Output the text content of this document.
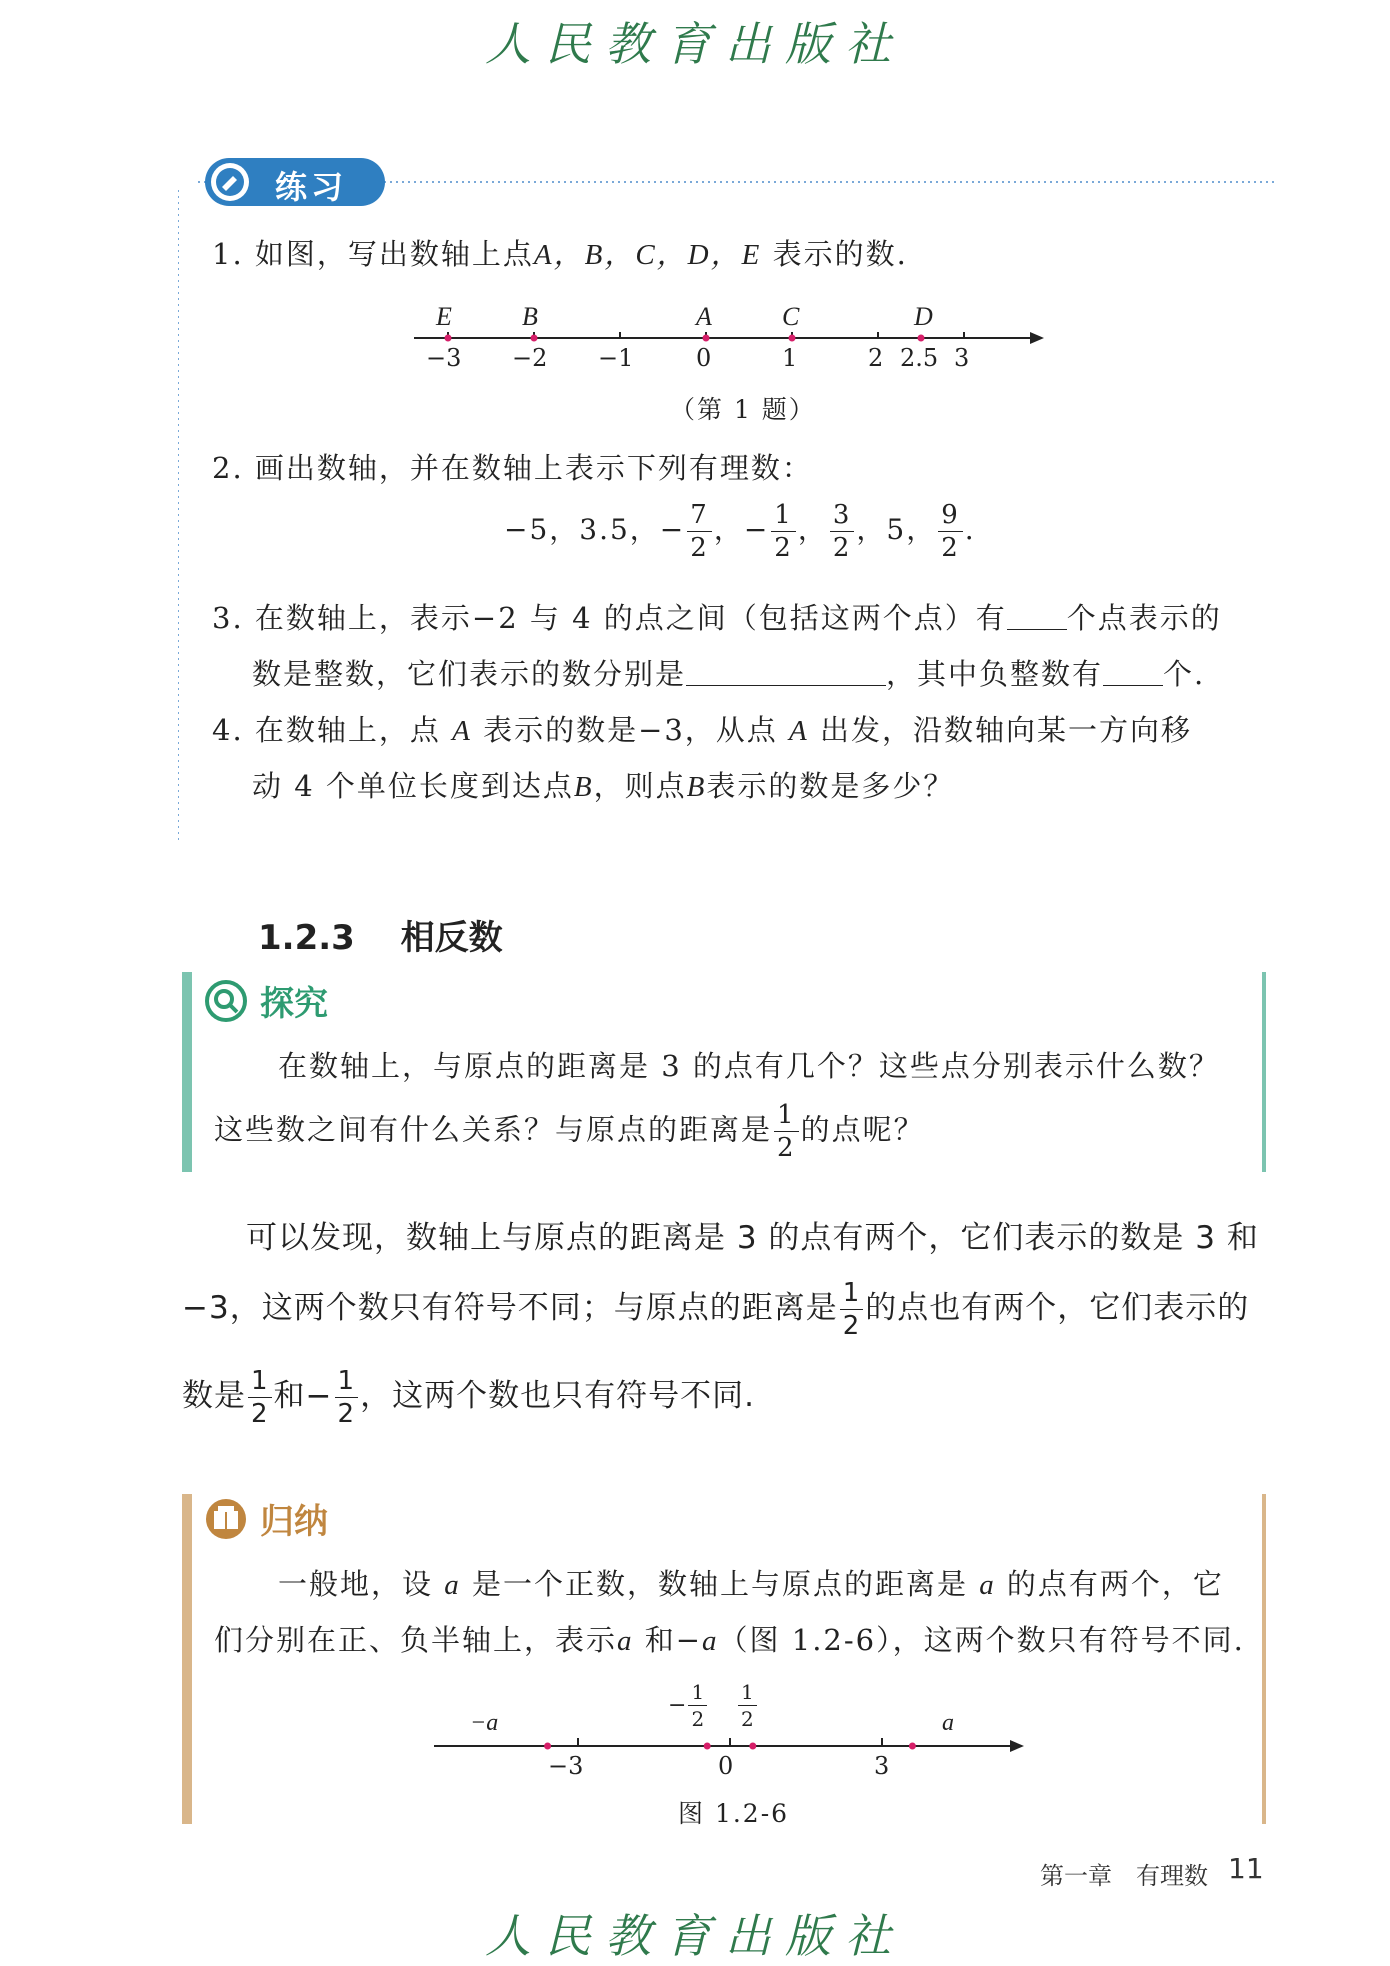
人民教育出版社
练习
1. 如图，写出数轴上点A，B，C，D，E 表示的数.
E	B	A	C	D
−3 −2 −1	0	1	2 2.5 3
（第 1 题）
2. 画出数轴，并在数轴上表示下列有理数：
−5，3.5，− $\frac{7}{2}$ ，− $\frac{1}{2}$ ， $\frac{3}{2}$ ，5， $\frac{9}{2}$ .
3. 在数轴上，表示−2 与 4 的点之间（包括这两个点）有 个点表示的
数是整数，它们表示的数分别是	，其中负整数有 个.
4. 在数轴上，点 A 表示的数是−3，从点 A 出发，沿数轴向某一方向移
动 4 个单位长度到达点B，则点B表示的数是多少？
1.2.3 相反数
探究
在数轴上，与原点的距离是 3 的点有几个？这些点分别表示什么数？
这些数之间有什么关系？与原点的距离是 $\frac{1}{2}$ 的点呢？
可以发现，数轴上与原点的距离是 3 的点有两个，它们表示的数是 3 和
−3，这两个数只有符号不同；与原点的距离是 $\frac{1}{2}$ 的点也有两个，它们表示的
数是 $\frac{1}{2}$ 和− $\frac{1}{2}$ ，这两个数也只有符号不同.
归纳
一般地，设 a 是一个正数，数轴上与原点的距离是 a 的点有两个，它
们分别在正、负半轴上，表示a 和−a（图 1.2-6），这两个数只有符号不同.
−a	a
− $\frac{1}{2} \frac{1}{2}$
−3	0	3
图 1.2-6
第一章　有理数 11
人民教育出版社
